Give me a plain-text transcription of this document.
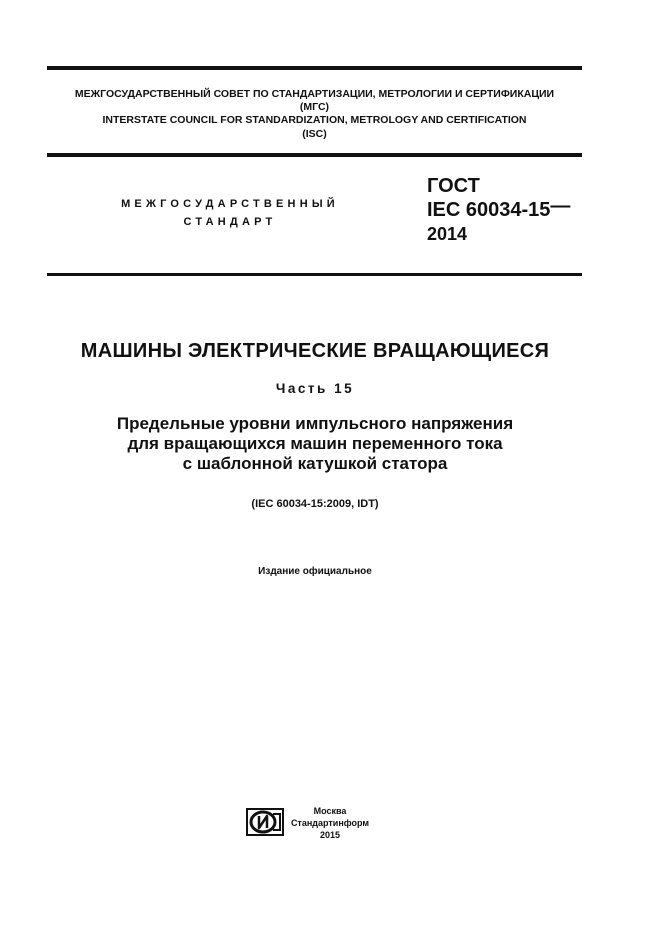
МЕЖГОСУДАРСТВЕННЫЙ СОВЕТ ПО СТАНДАРТИЗАЦИИ, МЕТРОЛОГИИ И СЕРТИФИКАЦИИ
(МГС)
INTERSTATE COUNCIL FOR STANDARDIZATION, METROLOGY AND CERTIFICATION
(ISC)
МЕЖГОСУДАРСТВЕННЫЙ
СТАНДАРТ
ГОСТ
IEC 60034-15—
2014
МАШИНЫ ЭЛЕКТРИЧЕСКИЕ ВРАЩАЮЩИЕСЯ
Часть 15
Предельные уровни импульсного напряжения
для вращающихся машин переменного тока
с шаблонной катушкой статора
(IEC 60034-15:2009, IDT)
Издание официальное
Москва
Стандартинформ
2015
